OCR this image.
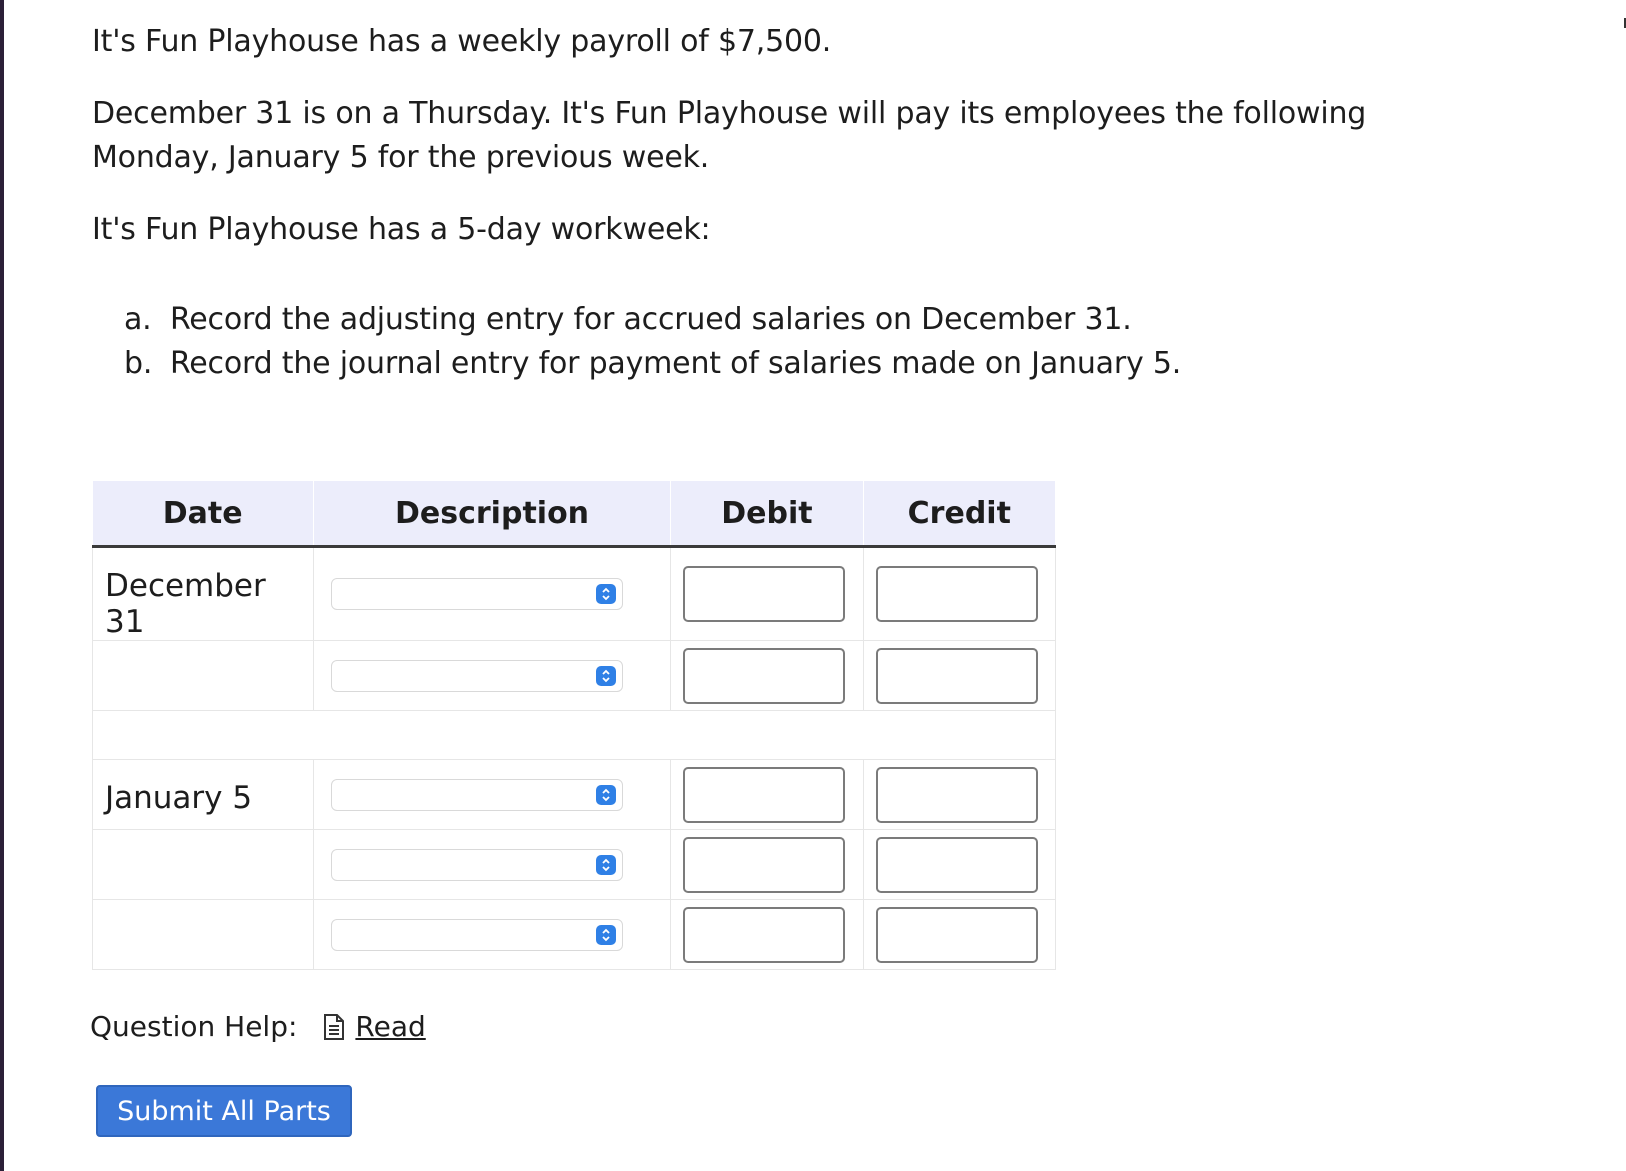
It's Fun Playhouse has a weekly payroll of $7,500.

December 31 is on a Thursday. It's Fun Playhouse will pay its employees the following Monday, January 5 for the previous week.

It's Fun Playhouse has a 5-day workweek:

a. Record the adjusting entry for accrued salaries on December 31.
b. Record the journal entry for payment of salaries made on January 5.
Date	Description	Debit	Credit
December 31	

January 5	

Question Help: Read
Submit All Parts
